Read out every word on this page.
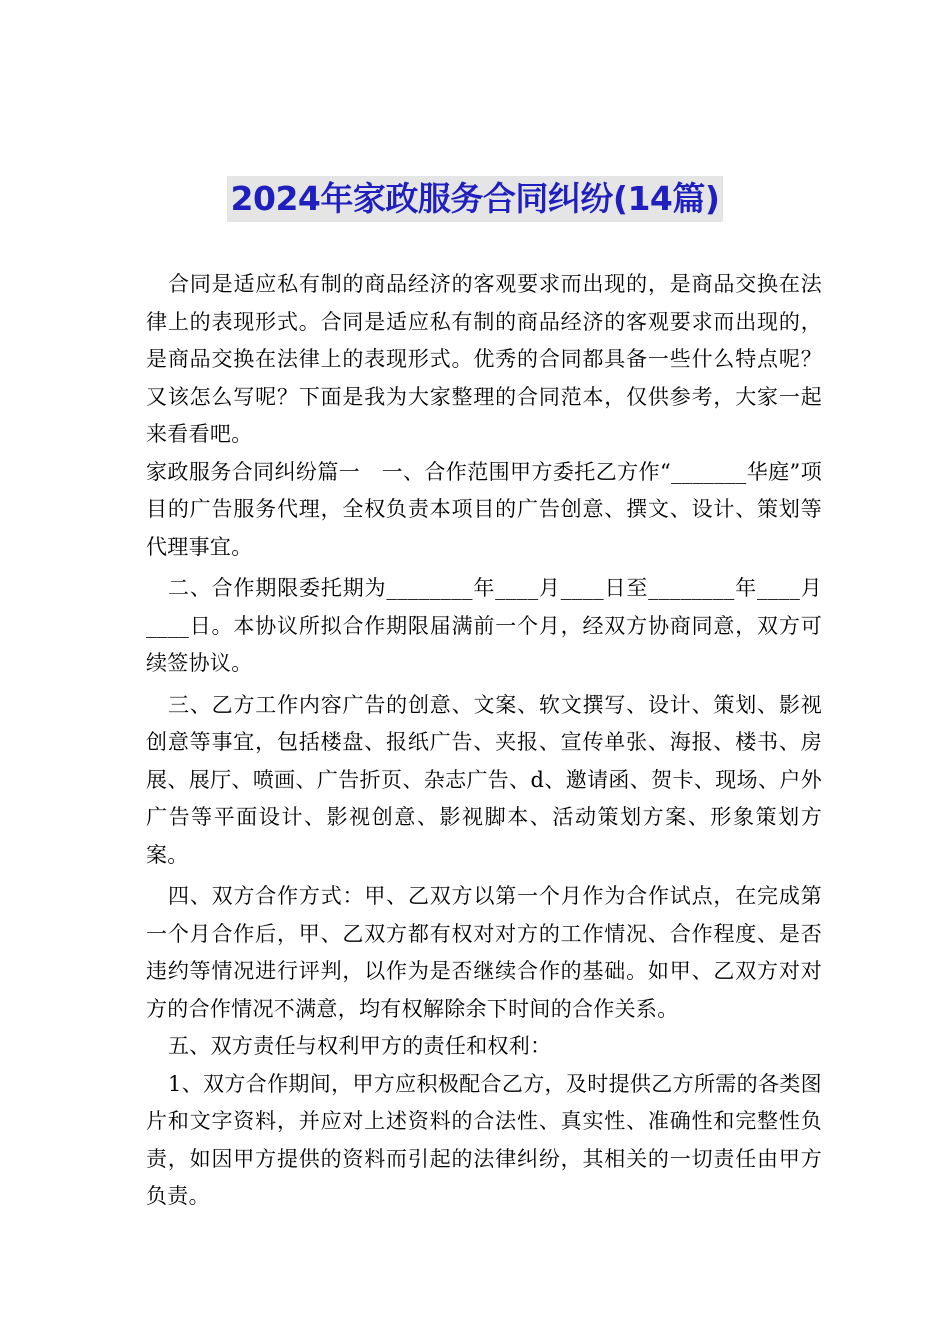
2024年家政服务合同纠纷(14篇)

合同是适应私有制的商品经济的客观要求而出现的，是商品交换在法律上的表现形式。合同是适应私有制的商品经济的客观要求而出现的，是商品交换在法律上的表现形式。优秀的合同都具备一些什么特点呢？又该怎么写呢？下面是我为大家整理的合同范本，仅供参考，大家一起来看看吧。

家政服务合同纠纷篇一　一、合作范围甲方委托乙方作“_______华庭”项目的广告服务代理，全权负责本项目的广告创意、撰文、设计、策划等代理事宜。

二、合作期限委托期为________年____月____日至________年____月____日。本协议所拟合作期限届满前一个月，经双方协商同意，双方可续签协议。

三、乙方工作内容广告的创意、文案、软文撰写、设计、策划、影视创意等事宜，包括楼盘、报纸广告、夹报、宣传单张、海报、楼书、房展、展厅、喷画、广告折页、杂志广告、d、邀请函、贺卡、现场、户外广告等平面设计、影视创意、影视脚本、活动策划方案、形象策划方案。

四、双方合作方式：甲、乙双方以第一个月作为合作试点，在完成第一个月合作后，甲、乙双方都有权对对方的工作情况、合作程度、是否违约等情况进行评判，以作为是否继续合作的基础。如甲、乙双方对对方的合作情况不满意，均有权解除余下时间的合作关系。

五、双方责任与权利甲方的责任和权利：

1、双方合作期间，甲方应积极配合乙方，及时提供乙方所需的各类图片和文字资料，并应对上述资料的合法性、真实性、准确性和完整性负责，如因甲方提供的资料而引起的法律纠纷，其相关的一切责任由甲方负责。
